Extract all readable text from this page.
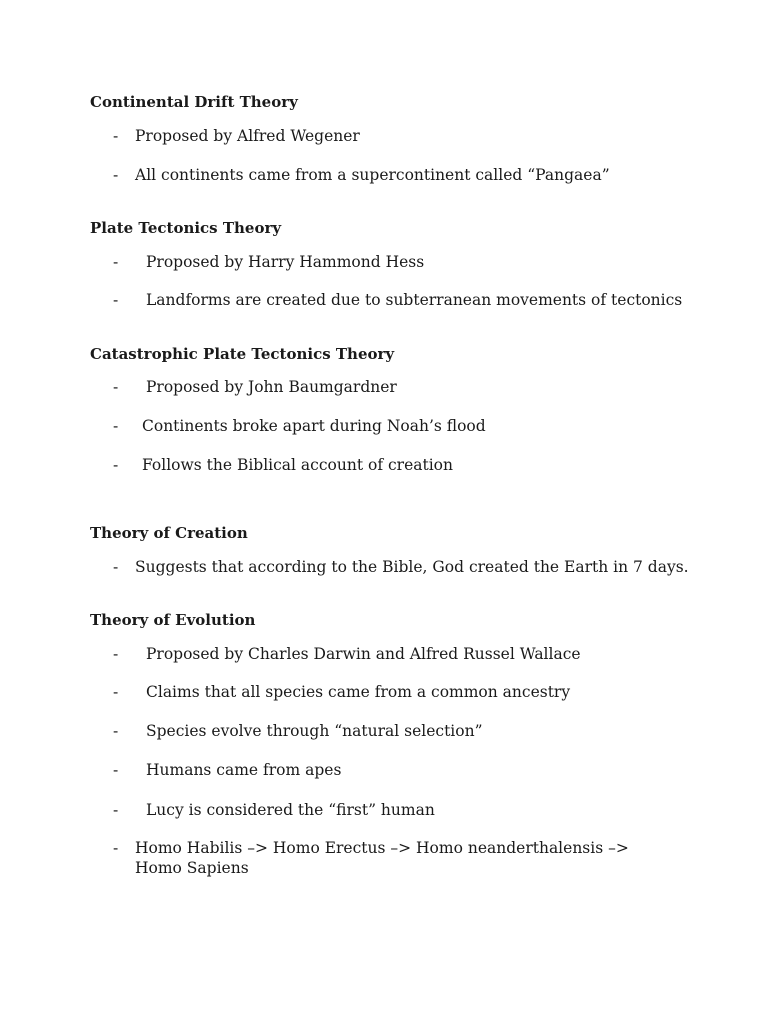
Continental Drift Theory
- Proposed by Alfred Wegener
- All continents came from a supercontinent called “Pangaea”
Plate Tectonics Theory
- Proposed by Harry Hammond Hess
- Landforms are created due to subterranean movements of tectonics
Catastrophic Plate Tectonics Theory
- Proposed by John Baumgardner
- Continents broke apart during Noah’s flood
- Follows the Biblical account of creation
Theory of Creation
- Suggests that according to the Bible, God created the Earth in 7 days.
Theory of Evolution
- Proposed by Charles Darwin and Alfred Russel Wallace
- Claims that all species came from a common ancestry
- Species evolve through “natural selection”
- Humans came from apes
- Lucy is considered the “first” human
- Homo Habilis –> Homo Erectus –> Homo neanderthalensis –> Homo Sapiens
